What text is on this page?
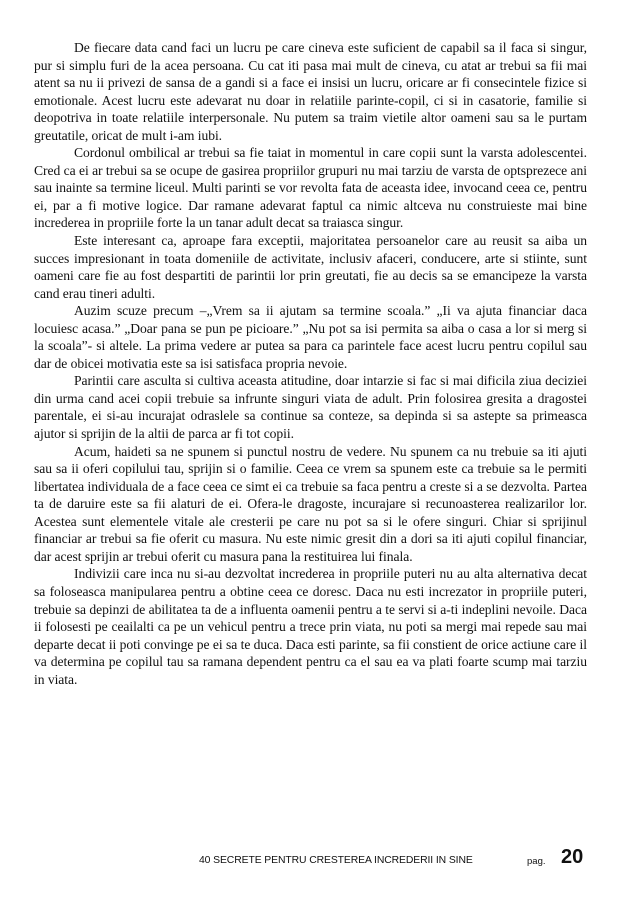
De fiecare data cand faci un lucru pe care cineva este suficient de capabil sa il faca si singur, pur si simplu furi de la acea persoana. Cu cat iti pasa mai mult de cineva, cu atat ar trebui sa fii mai atent sa nu ii privezi de sansa de a gandi si a face ei insisi un lucru, oricare ar fi consecintele fizice si emotionale. Acest lucru este adevarat nu doar in relatiile parinte-copil, ci si in casatorie, familie si deopotriva in toate relatiile interpersonale. Nu putem sa traim vietile altor oameni sau sa le purtam greutatile, oricat de mult i-am iubi.

Cordonul ombilical ar trebui sa fie taiat in momentul in care copii sunt la varsta adolescentei. Cred ca ei ar trebui sa se ocupe de gasirea propriilor grupuri nu mai tarziu de varsta de optsprezece ani sau inainte sa termine liceul. Multi parinti se vor revolta fata de aceasta idee, invocand ceea ce, pentru ei, par a fi motive logice. Dar ramane adevarat faptul ca nimic altceva nu construieste mai bine increderea in propriile forte la un tanar adult decat sa traiasca singur.

Este interesant ca, aproape fara exceptii, majoritatea persoanelor care au reusit sa aiba un succes impresionant in toata domeniile de activitate, inclusiv afaceri, conducere, arte si stiinte, sunt oameni care fie au fost despartiti de parintii lor prin greutati, fie au decis sa se emancipeze la varsta cand erau tineri adulti.

Auzim scuze precum –„Vrem sa ii ajutam sa termine scoala.” „Ii va ajuta financiar daca locuiesc acasa.” „Doar pana se pun pe picioare.” „Nu pot sa isi permita sa aiba o casa a lor si merg si la scoala”- si altele. La prima vedere ar putea sa para ca parintele face acest lucru pentru copilul sau dar de obicei motivatia este sa isi satisfaca propria nevoie.

Parintii care asculta si cultiva aceasta atitudine, doar intarzie si fac si mai dificila ziua deciziei din urma cand acei copii trebuie sa infrunte singuri viata de adult. Prin folosirea gresita a dragostei parentale, ei si-au incurajat odraslele sa continue sa conteze, sa depinda si sa astepte sa primeasca ajutor si sprijin de la altii de parca ar fi tot copii.

Acum, haideti sa ne spunem si punctul nostru de vedere. Nu spunem ca nu trebuie sa iti ajuti sau sa ii oferi copilului tau, sprijin si o familie. Ceea ce vrem sa spunem este ca trebuie sa le permiti libertatea individuala de a face ceea ce simt ei ca trebuie sa faca pentru a creste si a se dezvolta. Partea ta de daruire este sa fii alaturi de ei. Ofera-le dragoste, incurajare si recunoasterea realizarilor lor. Acestea sunt elementele vitale ale cresterii pe care nu pot sa si le ofere singuri. Chiar si sprijinul financiar ar trebui sa fie oferit cu masura. Nu este nimic gresit din a dori sa iti ajuti copilul financiar, dar acest sprijin ar trebui oferit cu masura pana la restituirea lui finala.

Indivizii care inca nu si-au dezvoltat increderea in propriile puteri nu au alta alternativa decat sa foloseasca manipularea pentru a obtine ceea ce doresc. Daca nu esti increzator in propriile puteri, trebuie sa depinzi de abilitatea ta de a influenta oamenii pentru a te servi si a-ti indeplini nevoile. Daca ii folosesti pe ceailalti ca pe un vehicul pentru a trece prin viata, nu poti sa mergi mai repede sau mai departe decat ii poti convinge pe ei sa te duca. Daca esti parinte, sa fii constient de orice actiune care il va determina pe copilul tau sa ramana dependent pentru ca el sau ea va plati foarte scump mai tarziu in viata.

40 SECRETE PENTRU CRESTEREA INCREDERII IN SINE	pag. 20
